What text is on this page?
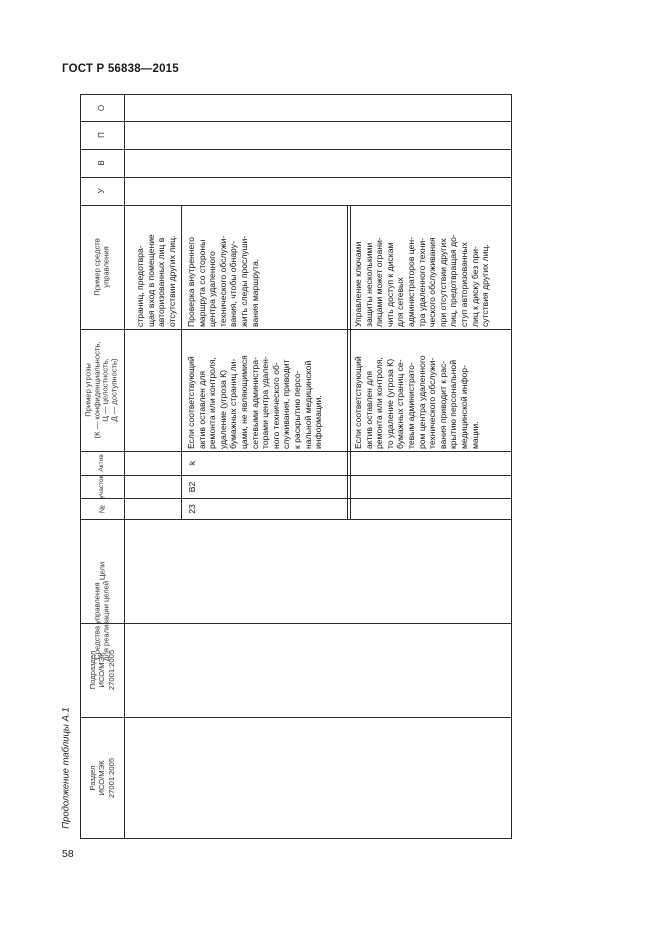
ГОСТ Р 56838—2015
58
Продолжение таблицы А.1 Раздел ИСО/МЭК 27001:2005
Подраздел ИСО/МЭК 27001:2005
Цели
Средства управления для реализации целей
№
участок
Актив
Пример угрозы (К — конфиденциальность, Ц — целостность, Д — доступность)
Пример средств управления
У
В
П
О
страниц, предотвра- щая вход в помещение авторизованных лиц в отсутствии других лиц.
23
B2
k
Если соответствующий актив оставлен для ремонта или контроля, удаление (угроза К) бумажных страниц ли- цами, не являющимися сетевыми администра- торами центра удален- ного технического об- служивания, приводит к раскрытию персо- нальной медицинской информации.
Проверка внутреннего маршрута со стороны центра удаленного технического обслужи- вания, чтобы обнару- жить следы прослуши- вания маршрута.
Если соответствующий актив оставлен для ремонта или контроля, то удаление (угроза К) бумажных страниц се- тевым администрато- ром центра удаленного технического обслужи- вания приводит к рас- крытию персональной медицинской инфор- мации.
Управление ключами защиты несколькими лицами может ограни- чить доступ к дискам для сетевых администраторов цен- тра удаленного техни- ческого обслуживания при отсутствии других лиц, предотвращая до- ступ авторизованных лиц к диску без при- сутствия других лиц.
